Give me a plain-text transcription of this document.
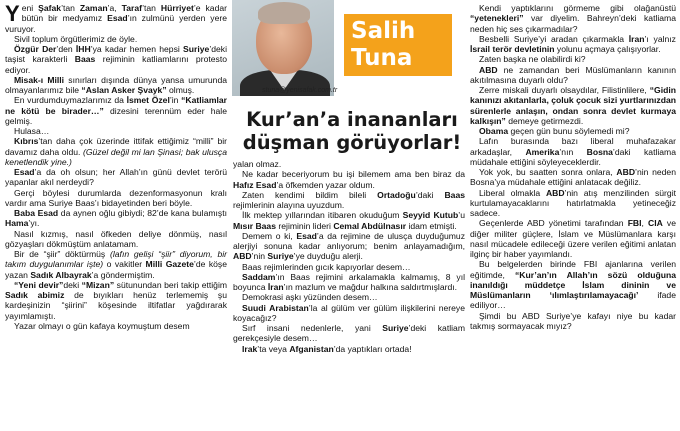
Yeni Şafak’tan Zaman’a, Taraf’tan Hürriyet’e kadar bütün bir medyamız Esad’ın zulmünü yerden yere vuruyor.

Sivil toplum örgütlerimiz de öyle.

Özgür Der’den İHH’ya kadar hemen hepsi Suriye’deki taşist karakterli Baas rejiminin katliamlarını protesto ediyor.

Misak-ı Milli sınırları dışında dünya yansa umurunda olmayanlarımız bile “Aslan Asker Şvayk” olmuş.

En vurdumduymazlarımız da İsmet Özel’in “Katliamlar ne kötü be birader…” dizesini terennüm eder hale gelmiş.

Hulasa…

Kıbrıs’tan daha çok üzerinde ittifak ettiğimiz “milli” bir davamız daha oldu. (Güzel değil mi lan Şinasi; bak ulusça kenetlendik yine.)

Esad’a da oh olsun; her Allah’ın günü devlet terörü yapanlar akıl nerdeydi?

Gerçi böylesi durumlarda dezenformasyonun kralı vardır ama Suriye Baas’ı bidayetinden beri böyle.

Baba Esad da aynen oğlu gibiydi; 82’de kana bulamıştı Hama’yı.

Nasıl kızmış, nasıl öfkeden deliye dönmüş, nasıl gözyaşları dökmüştüm anlatamam.

Bir de “şiir” döktürmüş (lafın gelişi “şiir” diyorum, bir takım duygulanımlar işte) o vakitler Milli Gazete’de köşe yazan Sadık Albayrak’a göndermiştim.

“Yeni devir”deki “Mizan” sütunundan beri takip ettiğim Sadık abimiz de bıyıkları henüz terlememiş şu kardeşinizin “şiirini” köşesinde iltifatlar yağdırarak yayımlamıştı.

Yazar olmayı o gün kafaya koymuştum desem

stuna@yenisafak.com.tr
Salih
Tuna
Kur’an’a inananları
düşman görüyorlar!

yalan olmaz.

Ne kadar beceriyorum bu işi bilemem ama ben biraz da Hafız Esad’a öfkemden yazar oldum.

Zaten kendimi bildim bileli Ortadoğu’daki Baas rejimlerinin alayına uyuzdum.

İlk mektep yıllarından itibaren okuduğum Seyyid Kutub’u Mısır Baas rejiminin lideri Cemal Abdülnasır idam etmişti.

Demem o ki, Esad’a da rejimine de ulusça duyduğumuz alerjiyi sonuna kadar anlıyorum; benim anlayamadığım, ABD’nin Suriye’ye duyduğu alerji.

Baas rejimlerinden gıcık kapıyorlar desem…

Saddam’ın Baas rejimini arkalamakla kalmamış, 8 yıl boyunca İran’ın mazlum ve mağdur halkına saldırtmışlardı.

Demokrasi aşkı yüzünden desem…

Suudi Arabistan’la al gülüm ver gülüm ilişkilerini nereye koyacağız?

Sırf insani nedenlerle, yani Suriye’deki katliam gerekçesiyle desem…

Irak’ta veya Afganistan’da yaptıkları ortada!

Kendi yaptıklarını görmeme gibi olağanüstü “yetenekleri” var diyelim. Bahreyn’deki katliama neden hiç ses çıkarmadılar?

Besbelli Suriye’yi aradan çıkarmakla İran’ı yalnız İsrail terör devletinin yolunu açmaya çalışıyorlar.

Zaten başka ne olabilirdi ki?

ABD ne zamandan beri Müslümanların kanının akıtılmasına duyarlı oldu?

Zerre miskali duyarlı olsaydılar, Filistinlilere, “Gidin kanınızı akıtanlarla, çoluk çocuk sizi yurtlarınızdan sürenlerle anlaşın, ondan sonra devlet kurmaya kalkışın” demeye getirmezdi.

Obama geçen gün bunu söylemedi mi?

Lafın burasında bazı liberal muhafazakar arkadaşlar, Amerika’nın Bosna’daki katliama müdahale ettiğini söyleyeceklerdir.

Yok yok, bu saatten sonra onlara, ABD’nin neden Bosna’ya müdahale ettiğini anlatacak değiliz.

Liberal olmakla ABD’nin atış menzilinden sürgit kurtulamayacaklarını hatırlatmakla yetineceğiz sadece.

Geçenlerde ABD yönetimi tarafından FBI, CIA ve diğer militer güçlere, İslam ve Müslümanlara karşı nasıl mücadele edileceği üzere verilen eğitimi anlatan ilginç bir haber yayımlandı.

Bu belgelerden birinde FBI ajanlarına verilen eğitimde, “Kur’an’ın Allah’ın sözü olduğuna inanıldığı müddetçe İslam dininin ve Müslümanların ‘ılımlaştırılamayacağı’ ifade ediliyor…

Şimdi bu ABD Suriye’ye kafayı niye bu kadar takmış sormayacak mıyız?
